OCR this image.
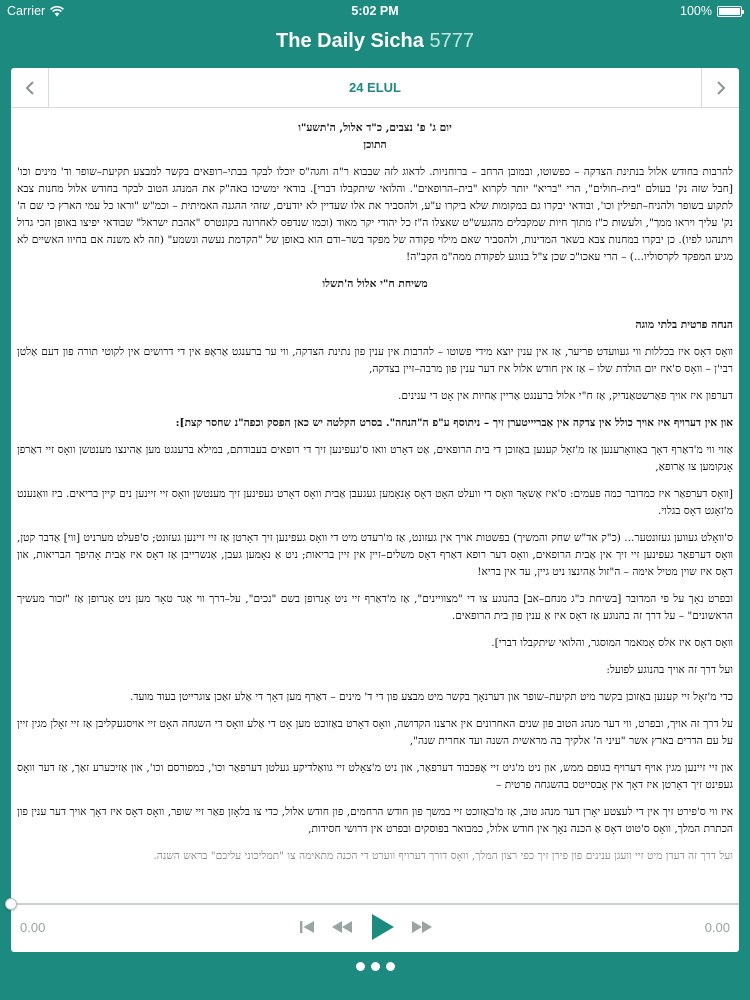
Carrier	5:02 PM	100%
The Daily Sicha 5777
24 ELUL

יום ג' פ' נצבים, כ"ד אלול, ה'תשע"ו

התוכן

להרבות בחודש אלול בנתינת הצדקה – כפשוטו, ובמובן הרחב – ברוחניות. לדאוג לזה שבבוא ר"ה וחגה"ס יוכלו לבקר בבתי–רופאים בקשר למבצע תקיעת–שופר וד' מינים וכו' [חבל שזה נק' בעולם "בית–חולים", הרי "בריא" יותר לקרוא "בית–הרופאים". והלואי שיתקבלו דברי]. בודאי ימשיכו באה"ק את המנהג הטוב לבקר בחודש אלול מחנות צבא לתקוע בשופר ולהניח–תפילין וכו', ובודאי יבקרו גם במקומות שלא ביקרו ע"ע, ולהסביר את אלו שעדיין לא יודעים, שזהי ההגנה האמיתית – וכמ"ש "וראו כל עמי הארץ כי שם ה' נק' עליך ויראו ממך", ולעשות כ"ז מתוך חיות שמקבלים מהגעש"ט שאצלו ה"ז כל יהודי יקר מאוד (וכמו שנדפס לאחרונה בקונטרס "אהבת ישראל" שבודאי יפיצו באופן הכי גדול ויתנהגו לפיו). כן יבקרו במחנות צבא בשאר המדינות, ולהסביר שאם מילוי פקודה של מפקד בשר–ודם הוא באופן של "הקדמת נעשה ונשמע" (וזה לא משנה אם בחיוו האשיים לא מגיע המפקד לקרסוליו...) – הרי עאכו"כ שכן צ"ל בנוגע לפקודת ממה"מ הקב"ה!

משיחת ח"י אלול ה'תשלו

הנחה פרטית בלתי מוגה

וואָס דאָס איז בכללות ווי געוועדט פריער, אַז אין ענין יוצא מידי פשוטו – להרבות אין ענין פון נתינת הצדקה, ווי ער ברענגט אַראָפּ אין די דרושים אין לקוטי תורה פון דעם אַלטן רבי'ן – וואָס ס'איז יום הולדת שלו – אַז אין חודש אלול איז דער ענין פון מרבה–זיין בצדקה,

דערפון איז אויך פאַרשטאַנדיק, אַז ח"י אלול ברענגט אַריין אַחיות אין אָט די ענינים.

און אין דערויף איז אויך כולל אין צדקה אין אַבריייטערן זיך – ניתוסף ע"פ ה"הנחה". בסרט הקלטה יש כאן הפסק וכפה"נ שחסר קצת]:

אַזוי ווי מ'דאַרף דאָך באַוואָרענען אַז מ'זאָל קענען באַזוכן די בית הרופאים, אַט דאָרט וואו ס'געפינען זיך די רופאים בעבודתם, במילא ברענגט מען אַהינצו מענטשן וואָס זיי דאַרפן אָנקומען צו אַרופאַ,

[וואָס דערפאַר איז כמדובר כמה פעמים: ס'איז אַשאָד וואָס די וועלט האָט דאָס אָנאָמען געגעבן אַבית וואָס דאָרט געפינען זיך מענטשן וואָס זיי זיינען נים קיין בריאים. ביז וואַנענט מ'זאָגט דאָס בגלוי.

ס'וואָלט געווען געזונטער... (כ"ק אד"ש שחק והמשיך) בפשטות אויך אין געזונט, אַז מ'רעדט מיט די וואָס געפינען זיך דאָרטן אַז זיי זיינען געזונט; ס'פעלט מערניט [ווי] אַדבר קטן, וואָס דערפאַר געפינען זיי זיך אין אַבית הרופאים, וואָס דער רופא דאַרף דאָס משלים–זיין אין זיין בריאות; ניט אַ נאָמען געבן, אַנשרייבן אַז דאָס איז אַבית אָהיפך הבריאות, און דאָס איז שוין מטיל אימה – ה"זול אַהינצו ניט גיין, עד אין בריא!

ובפרט נאָך על פי המדובר [בשיחת כ"ג מנחם–אב] בהנוגע צו די "מצוויינים", אַז מ'דאַרף זיי ניט אָנרופן בשם "נכים", על–דרך ווי אַגר טאָר מען ניט אָנרופן אַז "זכור מעשיך הראשונים" – על דרך זה בהנוגע אַז דאָס איז אַ ענין פון בית הרופאים.

וואָס דאָס איז אלס אָמאמר המוסגר, והלואי שיתקבלו דברי].

ועל דרך זה אויך בהנוגע לפועל:

כדי מ'זאָל זיי קענען באַזוכן בקשר מיט תקיעת–שופר און דערנאָך בקשר מיט מבצע פון די ד' מינים – דאַרף מען דאָך די אַלע זאַכן צוגרייטן בעוד מועד.

על דרך זה אויך, ובפרט, ווי דער מנהג הטוב פון שנים האחרונים אין ארצנו הקדושה, וואָס דאָרט באַזוכט מען אָט די אַלע וואָס די השגחה האָט זיי אויסגעקליבן אַז זיי זאָלן מגין זיין על עם הדרים בארץ אשר "עיני ה' אלקיך בה מראשית השנה ועד אחרית שנה",

און זיי זיינען מגין אויף דערויף בגופם ממש, און ניט מ'גיט זיי אָפּכבוד דערפאַר, און ניט מ'צאָלט זיי גוואַלדיקע געלטן דערפאַר וכו', כמפורסם וכו', און אַזיכערע זאַך, אַז דער וואָס געפינט זיך דאָרטן איז דאָך אין אָבסייטס בהשגחה פרטית –

איז ווי ס'פירט זיך אין די לעצטע יאָרן דער מנהג טוב, אַז מ'באַזוכט זיי במשך פון חודש הרחמים, פון חודש אלול, כדי צו בלאָזן פאַר זיי שופר, וואָס דאָס איז דאָך אויך דער ענין פון הכתרת המלך, וואָס ס'טוט דאָס אַ הכנה נאָך אין חודש אלול, כמבואר בפוסקים ובפרט אין דרושי חסידות,

ועל דרך זה דעדן מיט זיי וועגן ענינים פון פירן זיך כפי רצון המלך, וואָס דורך דערויף ווערט די הכנה מתאימה צו "תמליכוני עליכם" בראש השנה.

0.00	0.00
